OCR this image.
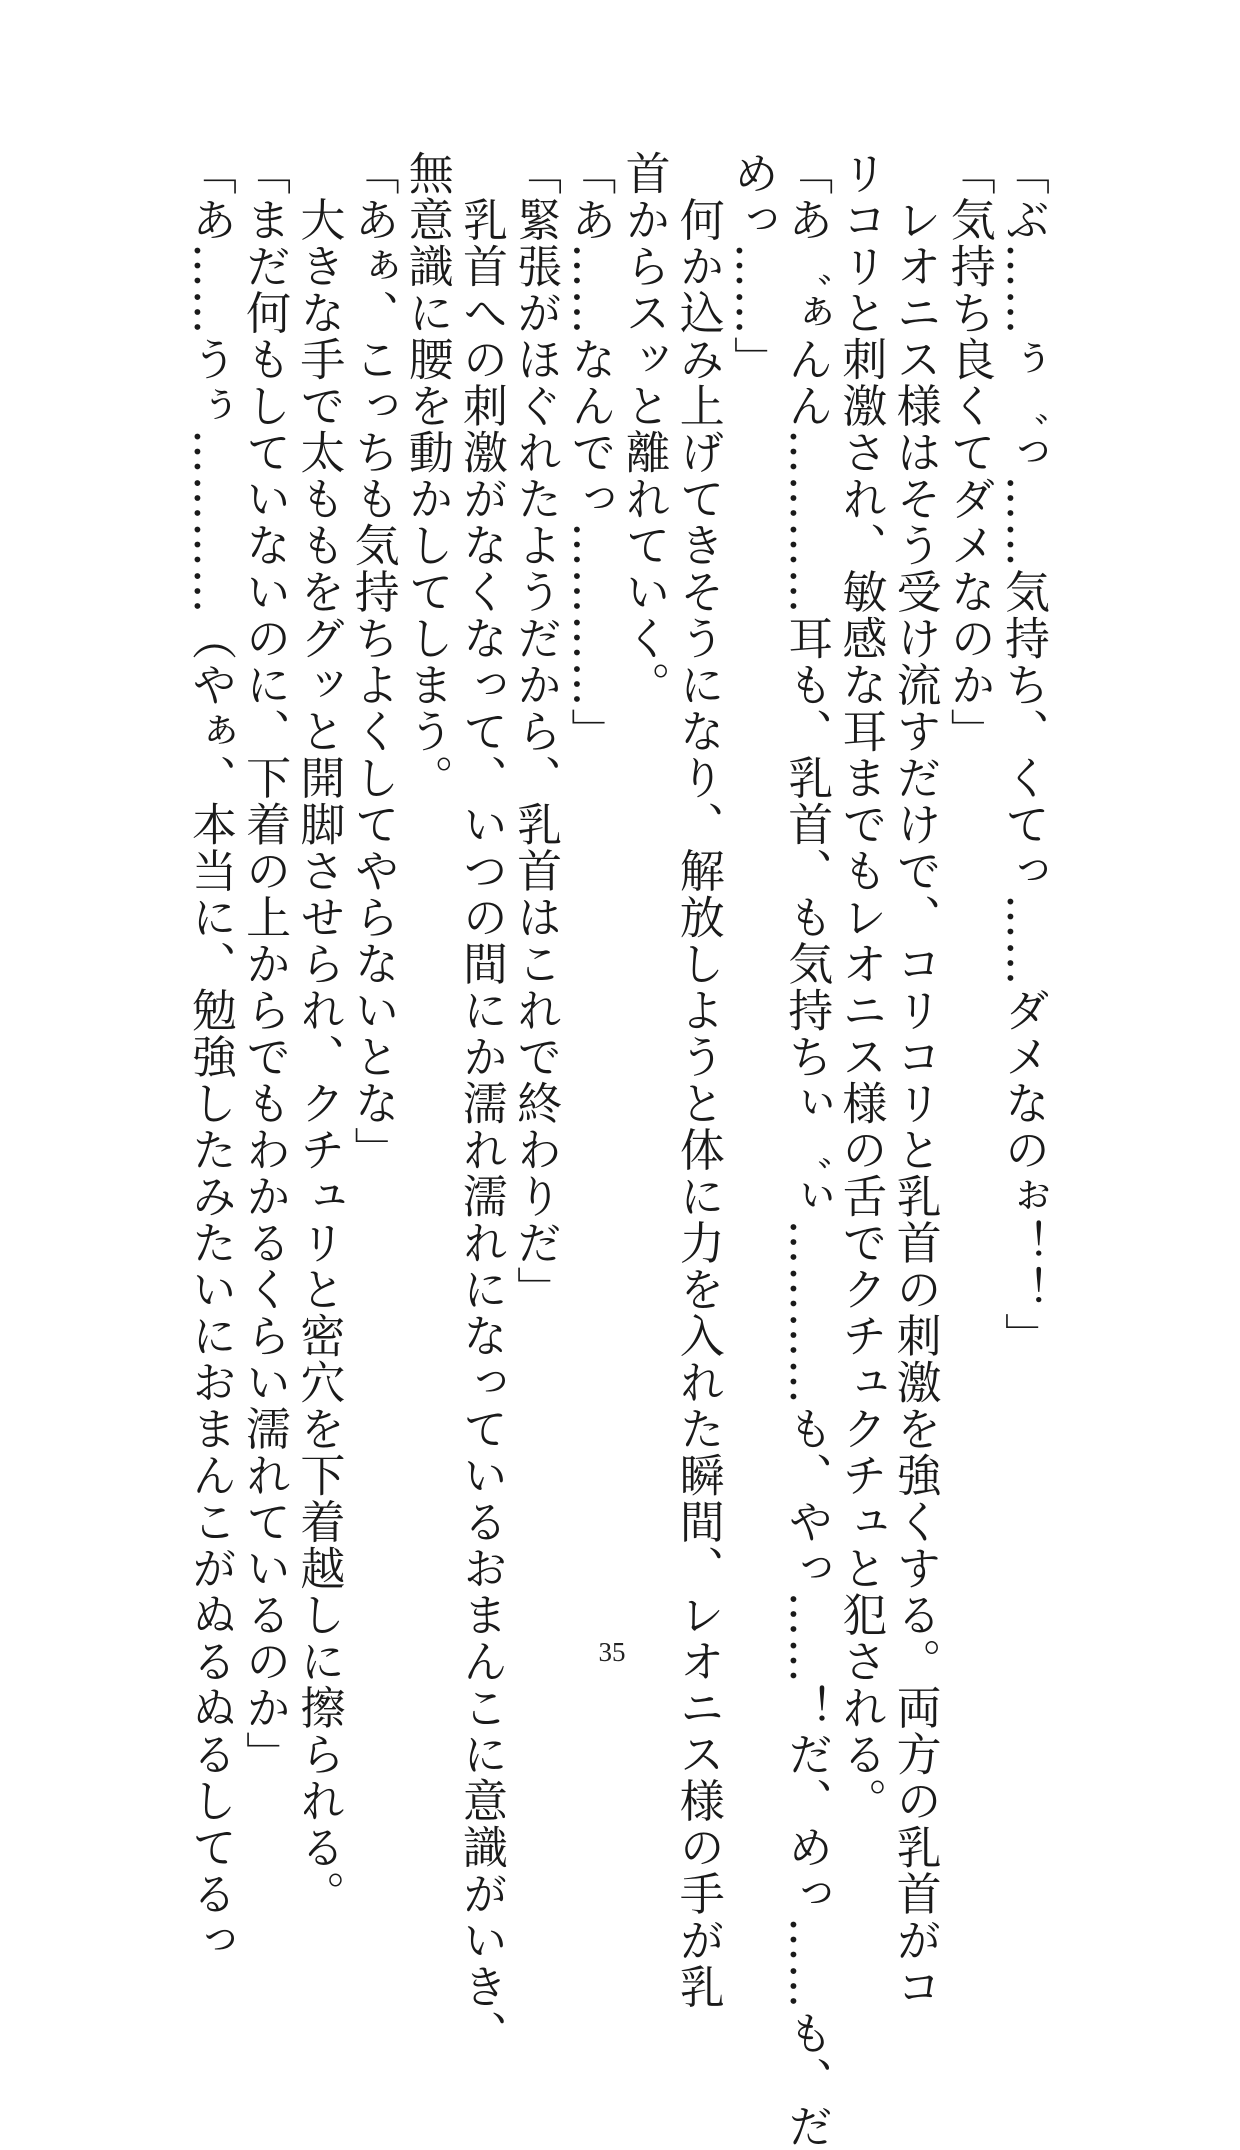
「ぶ……ぅ゛っ……気持ち、くてっ……ダメなのぉ！！」
「気持ち良くてダメなのか」
　レオニス様はそう受け流すだけで、コリコリと乳首の刺激を強くする。両方の乳首がコ
リコリと刺激され、敏感な耳までもレオニス様の舌でクチュクチュと犯される。
「あ゛ぁんん…………耳も、乳首、も気持ちぃ゛ぃ…………も、やっ……！だ、めっ……も、だ
めっ……」
　何か込み上げてきそうになり、解放しようと体に力を入れた瞬間、レオニス様の手が乳
首からスッと離れていく。
「あ……なんでっ…………」
「緊張がほぐれたようだから、乳首はこれで終わりだ」
　乳首への刺激がなくなって、いつの間にか濡れ濡れになっているおまんこに意識がいき、
無意識に腰を動かしてしまう。
「あぁ、こっちも気持ちよくしてやらないとな」
　大きな手で太ももをグッと開脚させられ、クチュリと密穴を下着越しに擦られる。
「まだ何もしていないのに、下着の上からでもわかるくらい濡れているのか」
「あ……うぅ…………（やぁ、本当に、勉強したみたいにおまんこがぬるぬるしてるっ	35
